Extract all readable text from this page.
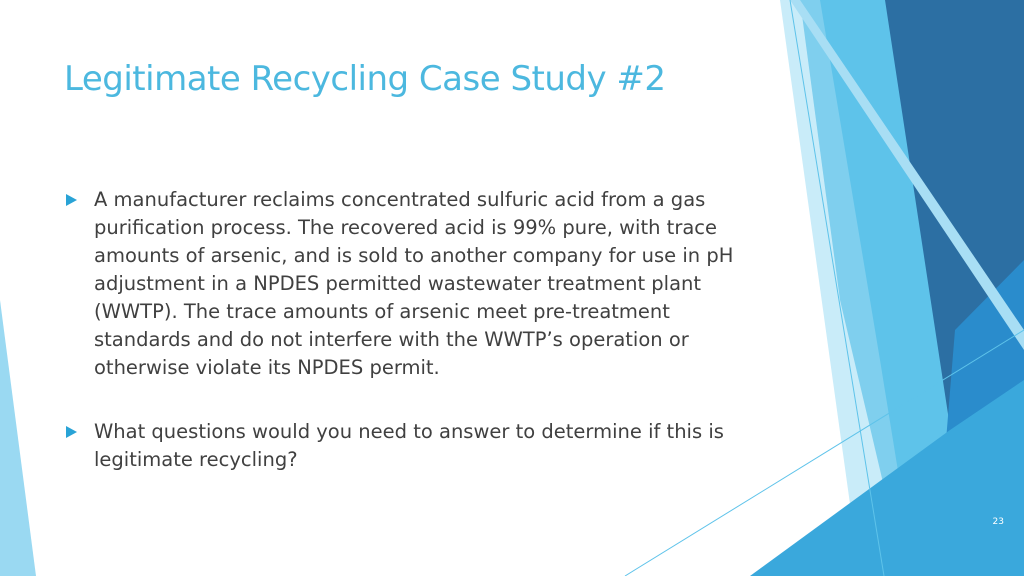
Legitimate Recycling Case Study #2
A manufacturer reclaims concentrated sulfuric acid from a gas purification process. The recovered acid is 99% pure, with trace amounts of arsenic, and is sold to another company for use in pH adjustment in a NPDES permitted wastewater treatment plant (WWTP). The trace amounts of arsenic meet pre-treatment standards and do not interfere with the WWTP’s operation or otherwise violate its NPDES permit.
What questions would you need to answer to determine if this is legitimate recycling?
23
